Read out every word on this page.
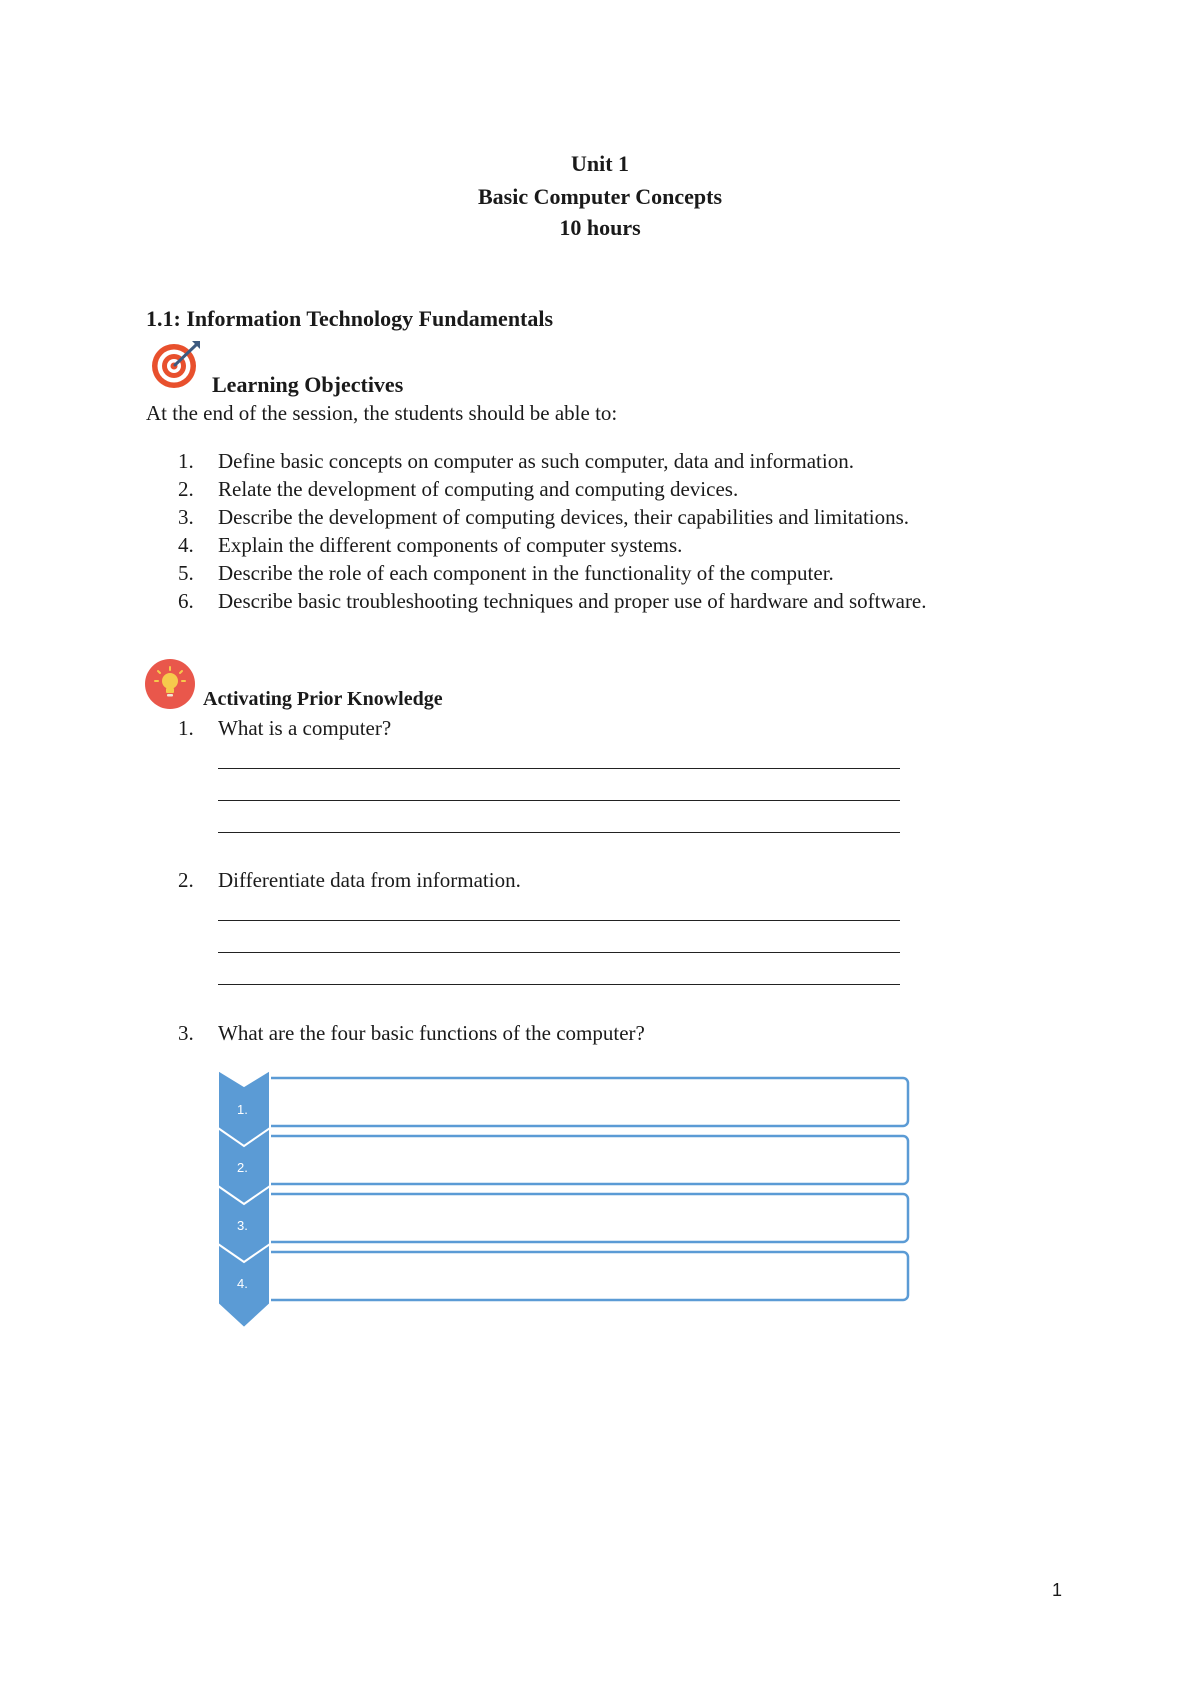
Unit 1
Basic Computer Concepts
10 hours
1.1: Information Technology Fundamentals
Learning Objectives
At the end of the session, the students should be able to:
1.	Define basic concepts on computer as such computer, data and information.
2.	Relate the development of computing and computing devices.
3.	Describe the development of computing devices, their capabilities and limitations.
4.	Explain the different components of computer systems.
5.	Describe the role of each component in the functionality of the computer.
6.	Describe basic troubleshooting techniques and proper use of hardware and software.
Activating Prior Knowledge
1. What is a computer?
2. Differentiate data from information.
3. What are the four basic functions of the computer?
1.
2.
3.
4.
1
